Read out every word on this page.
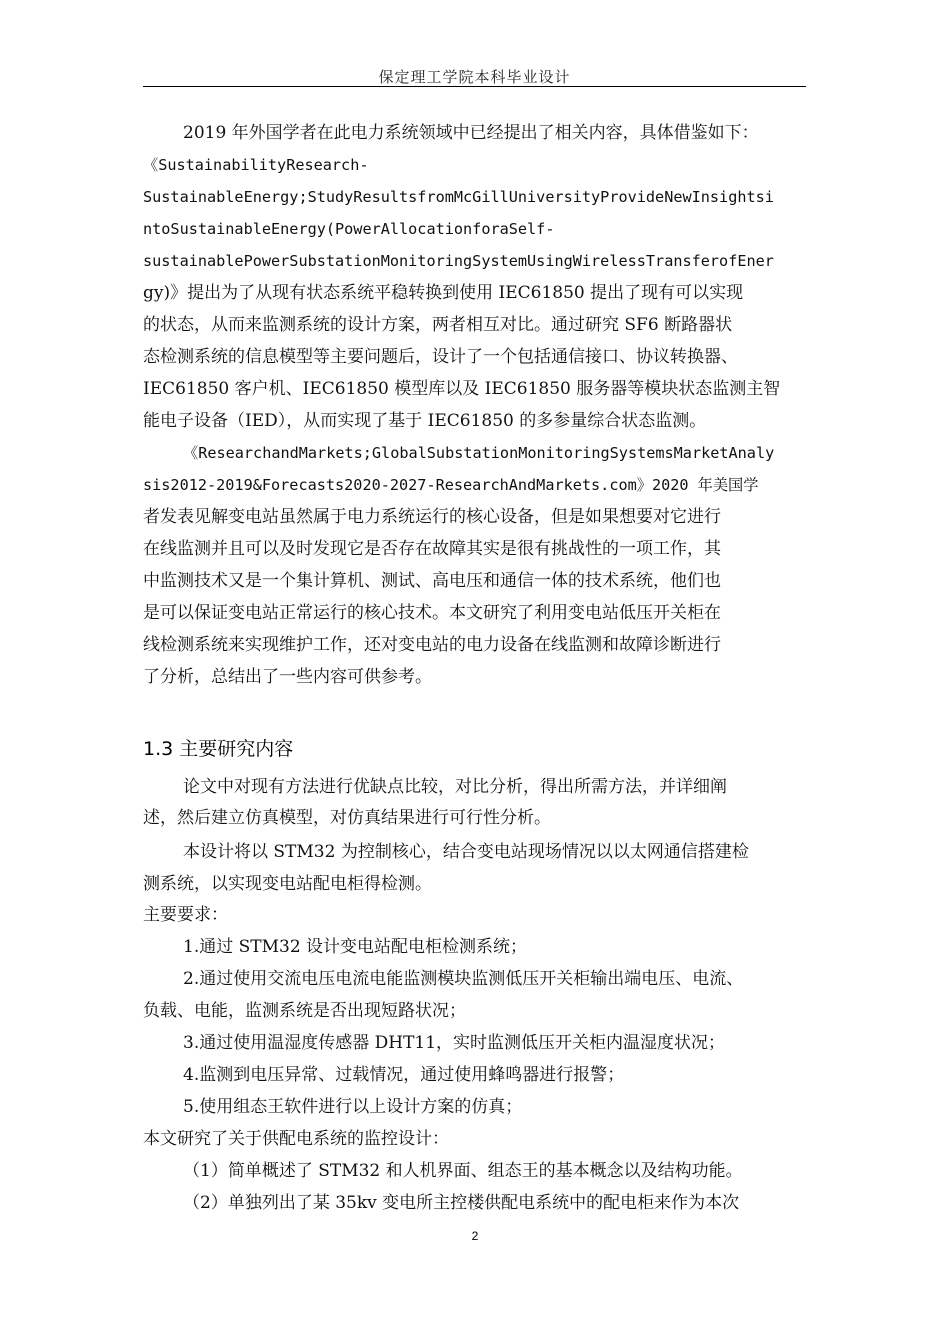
保定理工学院本科毕业设计
2019 年外国学者在此电力系统领域中已经提出了相关内容，具体借鉴如下：
《SustainabilityResearch-
SustainableEnergy;StudyResultsfromMcGillUniversityProvideNewInsightsi
ntoSustainableEnergy(PowerAllocationforaSelf-
sustainablePowerSubstationMonitoringSystemUsingWirelessTransferofEner
gy)》提出为了从现有状态系统平稳转换到使用 IEC61850 提出了现有可以实现
的状态，从而来监测系统的设计方案，两者相互对比。通过研究 SF6 断路器状
态检测系统的信息模型等主要问题后，设计了一个包括通信接口、协议转换器、
IEC61850 客户机、IEC61850 模型库以及 IEC61850 服务器等模块状态监测主智
能电子设备（IED），从而实现了基于 IEC61850 的多参量综合状态监测。
《ResearchandMarkets;GlobalSubstationMonitoringSystemsMarketAnaly
sis2012-2019&Forecasts2020-2027-ResearchAndMarkets.com》2020 年美国学
者发表见解变电站虽然属于电力系统运行的核心设备，但是如果想要对它进行
在线监测并且可以及时发现它是否存在故障其实是很有挑战性的一项工作，其
中监测技术又是一个集计算机、测试、高电压和通信一体的技术系统，他们也
是可以保证变电站正常运行的核心技术。本文研究了利用变电站低压开关柜在
线检测系统来实现维护工作，还对变电站的电力设备在线监测和故障诊断进行
了分析，总结出了一些内容可供参考。
1.3 主要研究内容
论文中对现有方法进行优缺点比较，对比分析，得出所需方法，并详细阐
述，然后建立仿真模型，对仿真结果进行可行性分析。
本设计将以 STM32 为控制核心，结合变电站现场情况以以太网通信搭建检
测系统，以实现变电站配电柜得检测。
主要要求：
1.通过 STM32 设计变电站配电柜检测系统；
2.通过使用交流电压电流电能监测模块监测低压开关柜输出端电压、电流、
负载、电能，监测系统是否出现短路状况；
3.通过使用温湿度传感器 DHT11，实时监测低压开关柜内温湿度状况；
4.监测到电压异常、过载情况，通过使用蜂鸣器进行报警；
5.使用组态王软件进行以上设计方案的仿真；
本文研究了关于供配电系统的监控设计：
（1）简单概述了 STM32 和人机界面、组态王的基本概念以及结构功能。
（2）单独列出了某 35kv 变电所主控楼供配电系统中的配电柜来作为本次
2
